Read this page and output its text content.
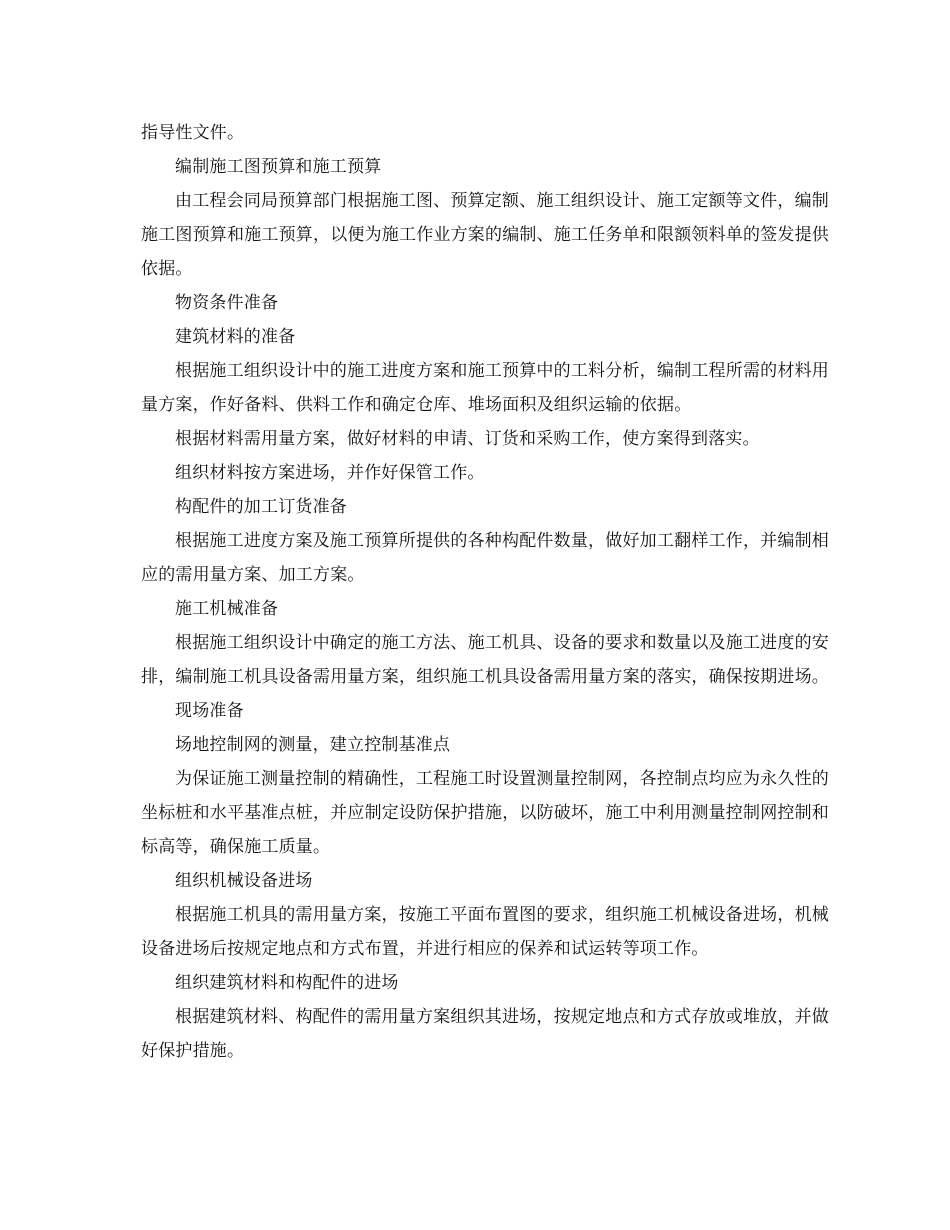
指导性文件。

编制施工图预算和施工预算

由工程会同局预算部门根据施工图、预算定额、施工组织设计、施工定额等文件，编制施工图预算和施工预算，以便为施工作业方案的编制、施工任务单和限额领料单的签发提供依据。

物资条件准备

建筑材料的准备

根据施工组织设计中的施工进度方案和施工预算中的工料分析，编制工程所需的材料用量方案，作好备料、供料工作和确定仓库、堆场面积及组织运输的依据。

根据材料需用量方案，做好材料的申请、订货和采购工作，使方案得到落实。

组织材料按方案进场，并作好保管工作。

构配件的加工订货准备

根据施工进度方案及施工预算所提供的各种构配件数量，做好加工翻样工作，并编制相应的需用量方案、加工方案。

施工机械准备

根据施工组织设计中确定的施工方法、施工机具、设备的要求和数量以及施工进度的安排，编制施工机具设备需用量方案，组织施工机具设备需用量方案的落实，确保按期进场。

现场准备

场地控制网的测量，建立控制基准点

为保证施工测量控制的精确性，工程施工时设置测量控制网，各控制点均应为永久性的坐标桩和水平基准点桩，并应制定设防保护措施，以防破坏，施工中利用测量控制网控制和标高等，确保施工质量。

组织机械设备进场

根据施工机具的需用量方案，按施工平面布置图的要求，组织施工机械设备进场，机械设备进场后按规定地点和方式布置，并进行相应的保养和试运转等项工作。

组织建筑材料和构配件的进场

根据建筑材料、构配件的需用量方案组织其进场，按规定地点和方式存放或堆放，并做好保护措施。
